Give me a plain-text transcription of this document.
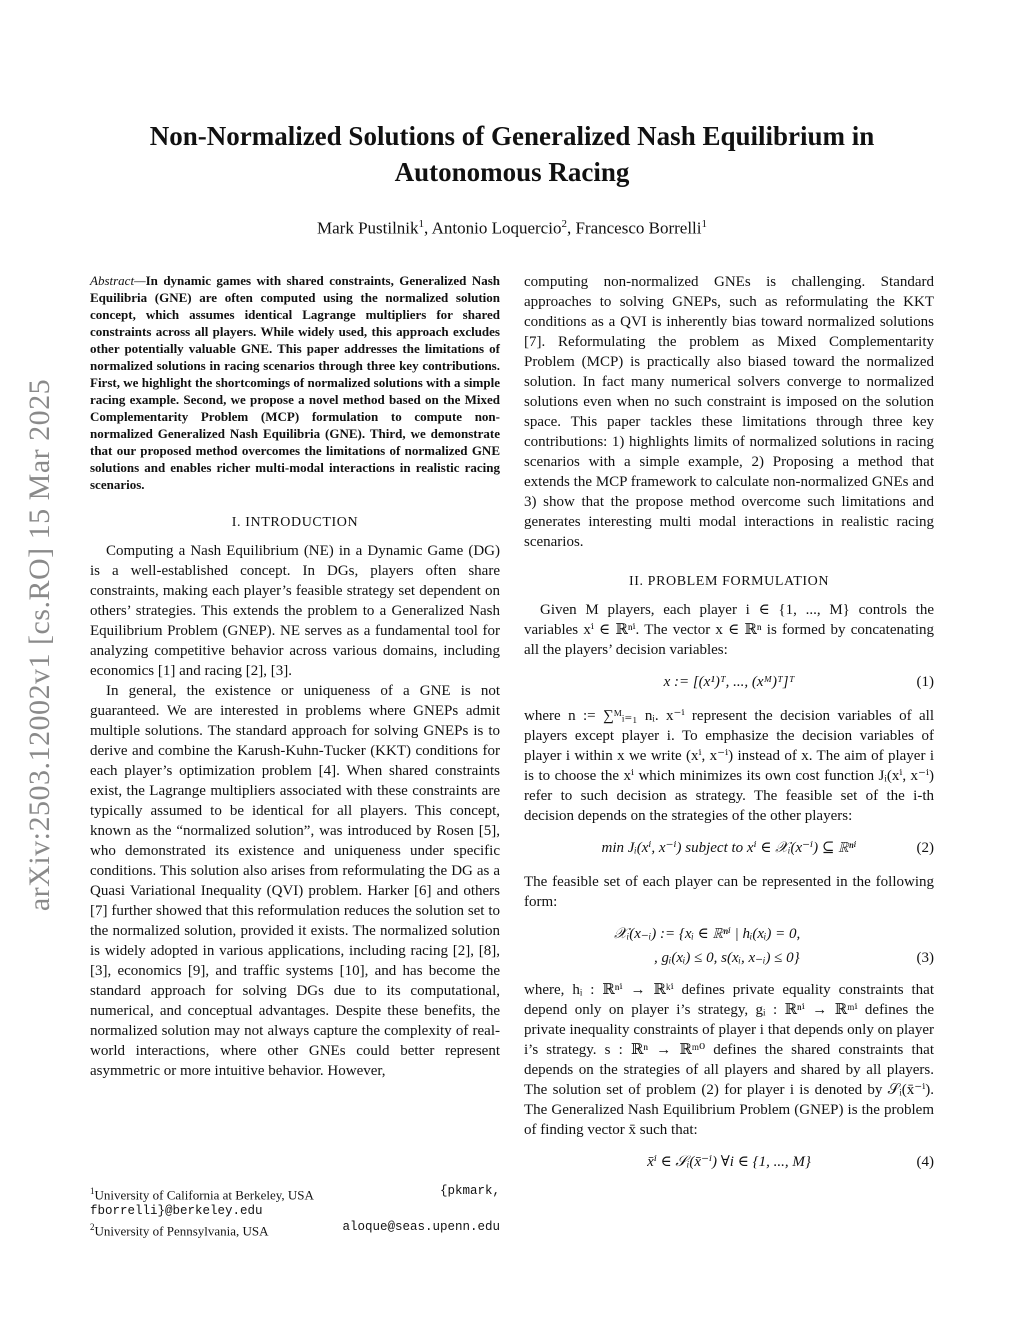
arXiv:2503.12002v1 [cs.RO] 15 Mar 2025
Non-Normalized Solutions of Generalized Nash Equilibrium in
Autonomous Racing
Mark Pustilnik$^1$, Antonio Loquercio$^2$, Francesco Borrelli$^1$

Abstract—In dynamic games with shared constraints, Generalized Nash Equilibria (GNE) are often computed using the normalized solution concept, which assumes identical Lagrange multipliers for shared constraints across all players. While widely used, this approach excludes other potentially valuable GNE. This paper addresses the limitations of normalized solutions in racing scenarios through three key contributions. First, we highlight the shortcomings of normalized solutions with a simple racing example. Second, we propose a novel method based on the Mixed Complementarity Problem (MCP) formulation to compute non-normalized Generalized Nash Equilibria (GNE). Third, we demonstrate that our proposed method overcomes the limitations of normalized GNE solutions and enables richer multi-modal interactions in realistic racing scenarios.

I. INTRODUCTION

Computing a Nash Equilibrium (NE) in a Dynamic Game (DG) is a well-established concept. In DGs, players often share constraints, making each player’s feasible strategy set dependent on others’ strategies. This extends the problem to a Generalized Nash Equilibrium Problem (GNEP). NE serves as a fundamental tool for analyzing competitive behavior across various domains, including economics [1] and racing [2], [3].

In general, the existence or uniqueness of a GNE is not guaranteed. We are interested in problems where GNEPs admit multiple solutions. The standard approach for solving GNEPs is to derive and combine the Karush-Kuhn-Tucker (KKT) conditions for each player’s optimization problem [4]. When shared constraints exist, the Lagrange multipliers associated with these constraints are typically assumed to be identical for all players. This concept, known as the “normalized solution”, was introduced by Rosen [5], who demonstrated its existence and uniqueness under specific conditions. This solution also arises from reformulating the DG as a Quasi Variational Inequality (QVI) problem. Harker [6] and others [7] further showed that this reformulation reduces the solution set to the normalized solution, provided it exists. The normalized solution is widely adopted in various applications, including racing [2], [8], [3], economics [9], and traffic systems [10], and has become the standard approach for solving DGs due to its computational, numerical, and conceptual advantages. Despite these benefits, the normalized solution may not always capture the complexity of real-world interactions, where other GNEs could better represent asymmetric or more intuitive behavior. However,

computing non-normalized GNEs is challenging. Standard approaches to solving GNEPs, such as reformulating the KKT conditions as a QVI is inherently bias toward normalized solutions [7]. Reformulating the problem as Mixed Complementarity Problem (MCP) is practically also biased toward the normalized solution. In fact many numerical solvers converge to normalized solutions even when no such constraint is imposed on the solution space. This paper tackles these limitations through three key contributions: 1) highlights limits of normalized solutions in racing scenarios with a simple example, 2) Proposing a method that extends the MCP framework to calculate non-normalized GNEs and 3) show that the propose method overcome such limitations and generates interesting multi modal interactions in realistic racing scenarios.

II. PROBLEM FORMULATION

Given M players, each player i ∈ {1, ..., M} controls the variables xⁱ ∈ ℝⁿⁱ. The vector x ∈ ℝⁿ is formed by concatenating all the players’ decision variables:

x := [(x¹)ᵀ, ..., (xᴹ)ᵀ]ᵀ	(1)

where n := ∑ᴹᵢ₌₁ nᵢ. x⁻ⁱ represent the decision variables of all players except player i. To emphasize the decision variables of player i within x we write (xⁱ, x⁻ⁱ) instead of x. The aim of player i is to choose the xⁱ which minimizes its own cost function Jᵢ(xⁱ, x⁻ⁱ) refer to such decision as strategy. The feasible set of the i-th decision depends on the strategies of the other players:

min Jᵢ(xⁱ, x⁻ⁱ) subject to xⁱ ∈ 𝒳ᵢ(x⁻ⁱ) ⊆ ℝⁿⁱ	(2)

The feasible set of each player can be represented in the following form:

𝒳ᵢ(x₋ᵢ) := {xᵢ ∈ ℝⁿⁱ | hᵢ(xᵢ) = 0,
, gᵢ(xᵢ) ≤ 0, s(xᵢ, x₋ᵢ) ≤ 0}	(3)

where, hᵢ : ℝⁿⁱ → ℝᵏⁱ defines private equality constraints that depend only on player i’s strategy, gᵢ : ℝⁿⁱ → ℝᵐⁱ defines the private inequality constraints of player i that depends only on player i’s strategy. s : ℝⁿ → ℝᵐ⁰ defines the shared constraints that depends on the strategies of all players and shared by all players. The solution set of problem (2) for player i is denoted by 𝒮ᵢ(x̄⁻ⁱ). The Generalized Nash Equilibrium Problem (GNEP) is the problem of finding vector x̄ such that:

x̄ⁱ ∈ 𝒮ᵢ(x̄⁻ⁱ) ∀i ∈ {1, ..., M}	(4)
$^1$University of California at Berkeley, USA	{pkmark,
fborrelli}@berkeley.edu
$^2$University of Pennsylvania, USA	aloque@seas.upenn.edu
